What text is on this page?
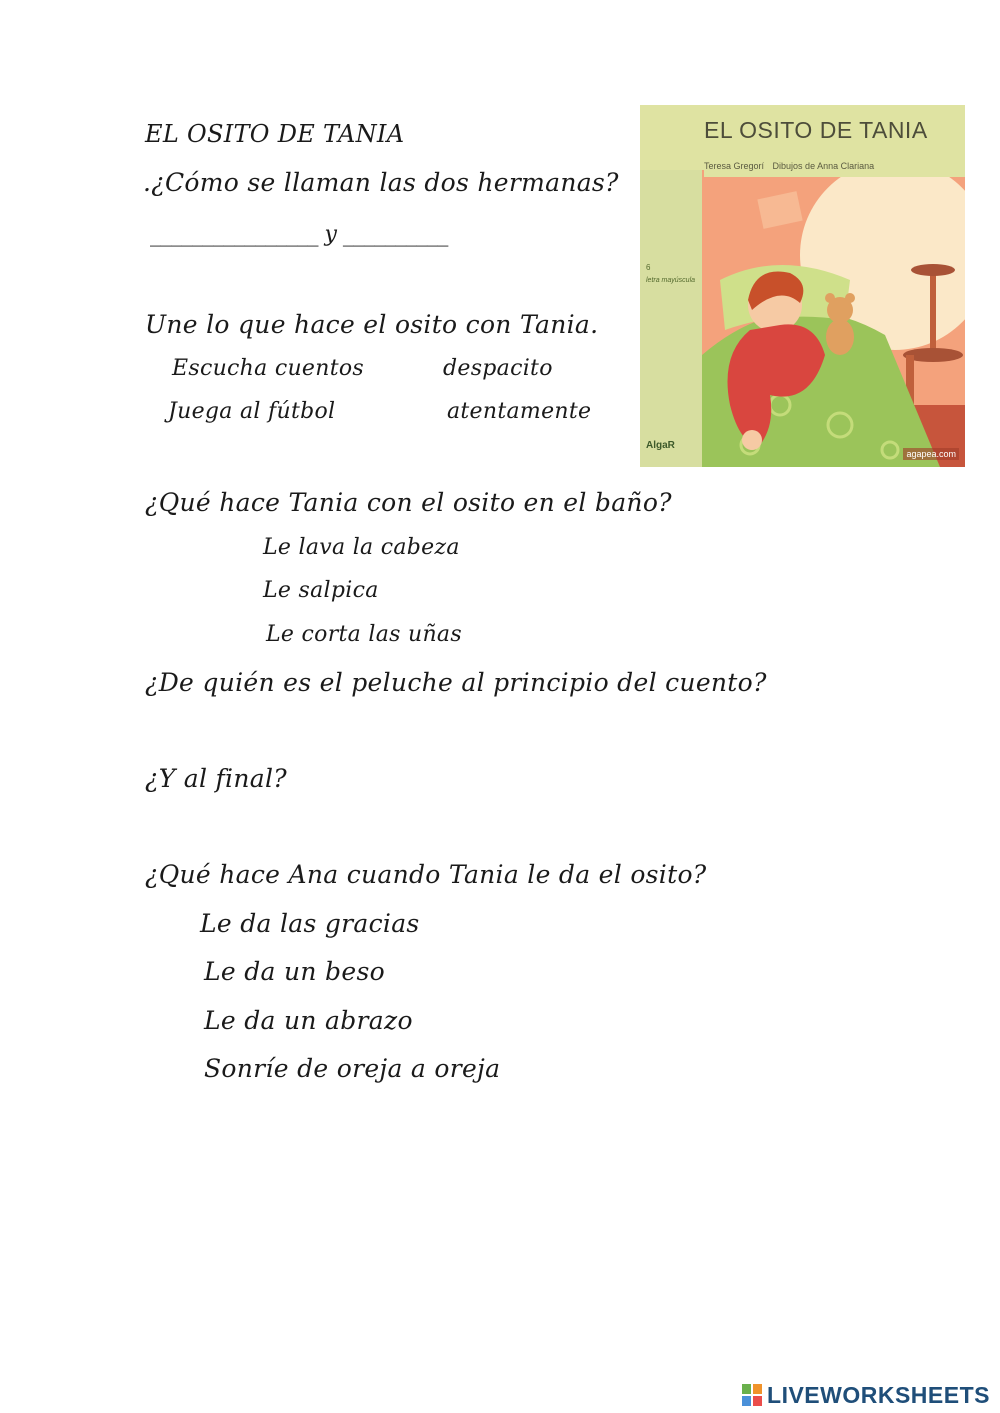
EL OSITO DE TANIA
.¿Cómo se llaman las dos hermanas?
________________ y __________
Une lo que hace el osito con Tania.
Escucha cuentos	despacito
Juega al fútbol	atentamente
¿Qué hace Tania con el osito en el baño?
Le lava la cabeza
Le salpica
Le corta las uñas
¿De quién es el peluche al principio del cuento?
¿Y al final?
¿Qué hace Ana cuando Tania le da el osito?
Le da las gracias
Le da un beso
Le da un abrazo
Sonríe de oreja a oreja
EL OSITO DE TANIA
Teresa Gregorí Dibujos de Anna Clariana
6
letra mayúscula
AlgaR
agapea.com
LIVEWORKSHEETS
